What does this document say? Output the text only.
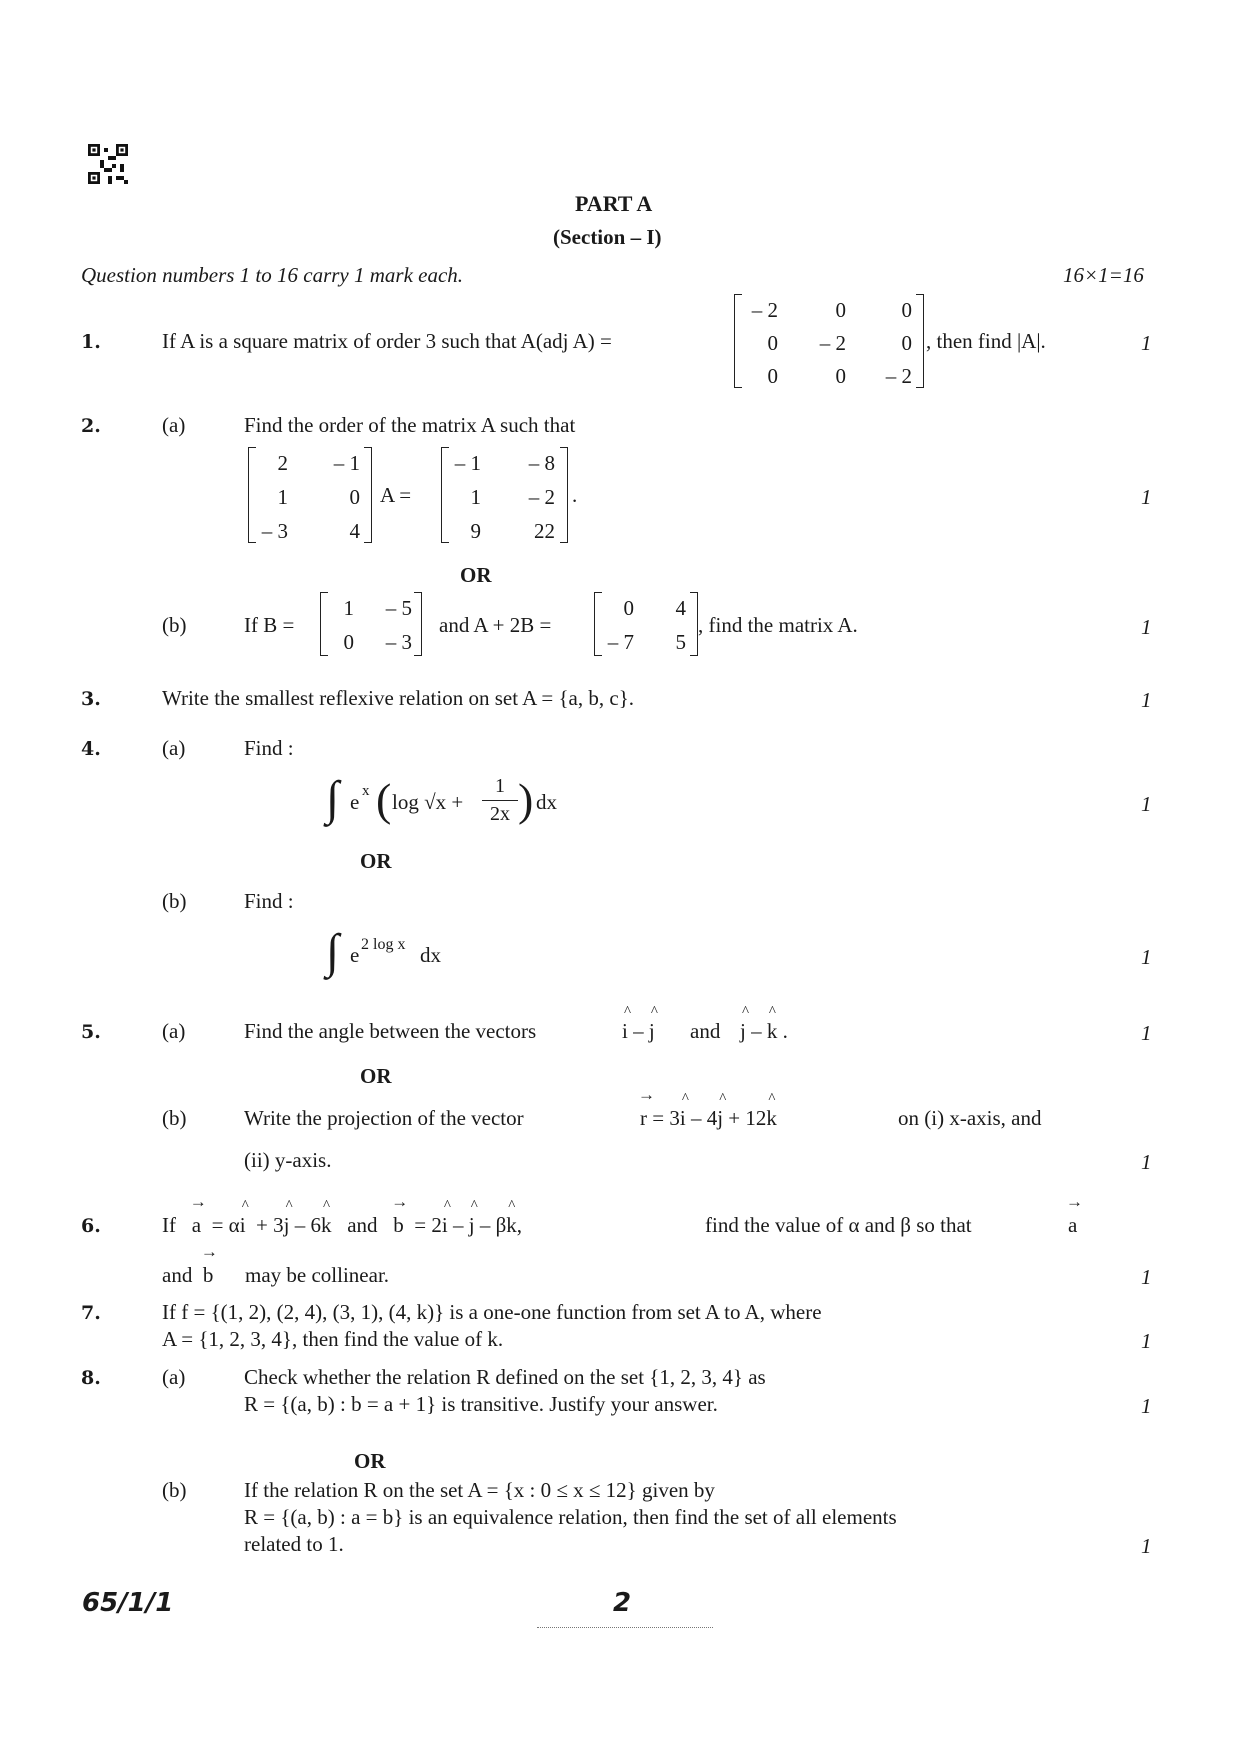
PART A
(Section – I)
Question numbers 1 to 16 carry 1 mark each.	16×1=16
1.	If A is a square matrix of order 3 such that A(adj A) =
– 2	0	0
0	– 2	0
0	0	– 2
, then find |A|.	1
2.	(a)	Find the order of the matrix A such that
2	– 1
1	0
– 3	4
A =
– 1	– 8
1	– 2
9	22
.	1
OR
(b)	If B =
1	– 5
0	– 3
and A + 2B =
0	4
– 7	5
, find the matrix A.	1
3.	Write the smallest reflexive relation on set A = {a, b, c}.	1
4.	(a)	Find :
∫ e x ( $\log √x + \frac{1}{2x}$ ) dx	1
OR
(b)	Find :
∫ e 2 log x dx	1
5.	(a)	Find the angle between the vectors	i
^
– j
^
and j
^
– k
^
.	1
OR
(b)	Write the projection of the vector	r
→
= 3i
^
– 4j
^
+ 12k
^
on (i) x-axis, and
(ii) y-axis.	1
6.	If   a
→
= αi
^
+ 3j
^
– 6k
^
and   b
→
= 2i
^
– j
^
– βk
^
,	find the value of α and β so that	a
→
and  b
→
may be collinear.	1
7.	If f = {(1, 2), (2, 4), (3, 1), (4, k)} is a one-one function from set A to A, where
A = {1, 2, 3, 4}, then find the value of k.	1
8.	(a)	Check whether the relation R defined on the set {1, 2, 3, 4} as
R = {(a, b) : b = a + 1} is transitive. Justify your answer.	1
OR
(b)	If the relation R on the set A = {x : 0 ≤ x ≤ 12} given by
R = {(a, b) : a = b} is an equivalence relation, then find the set of all elements
related to 1.	1
65/1/1	2
